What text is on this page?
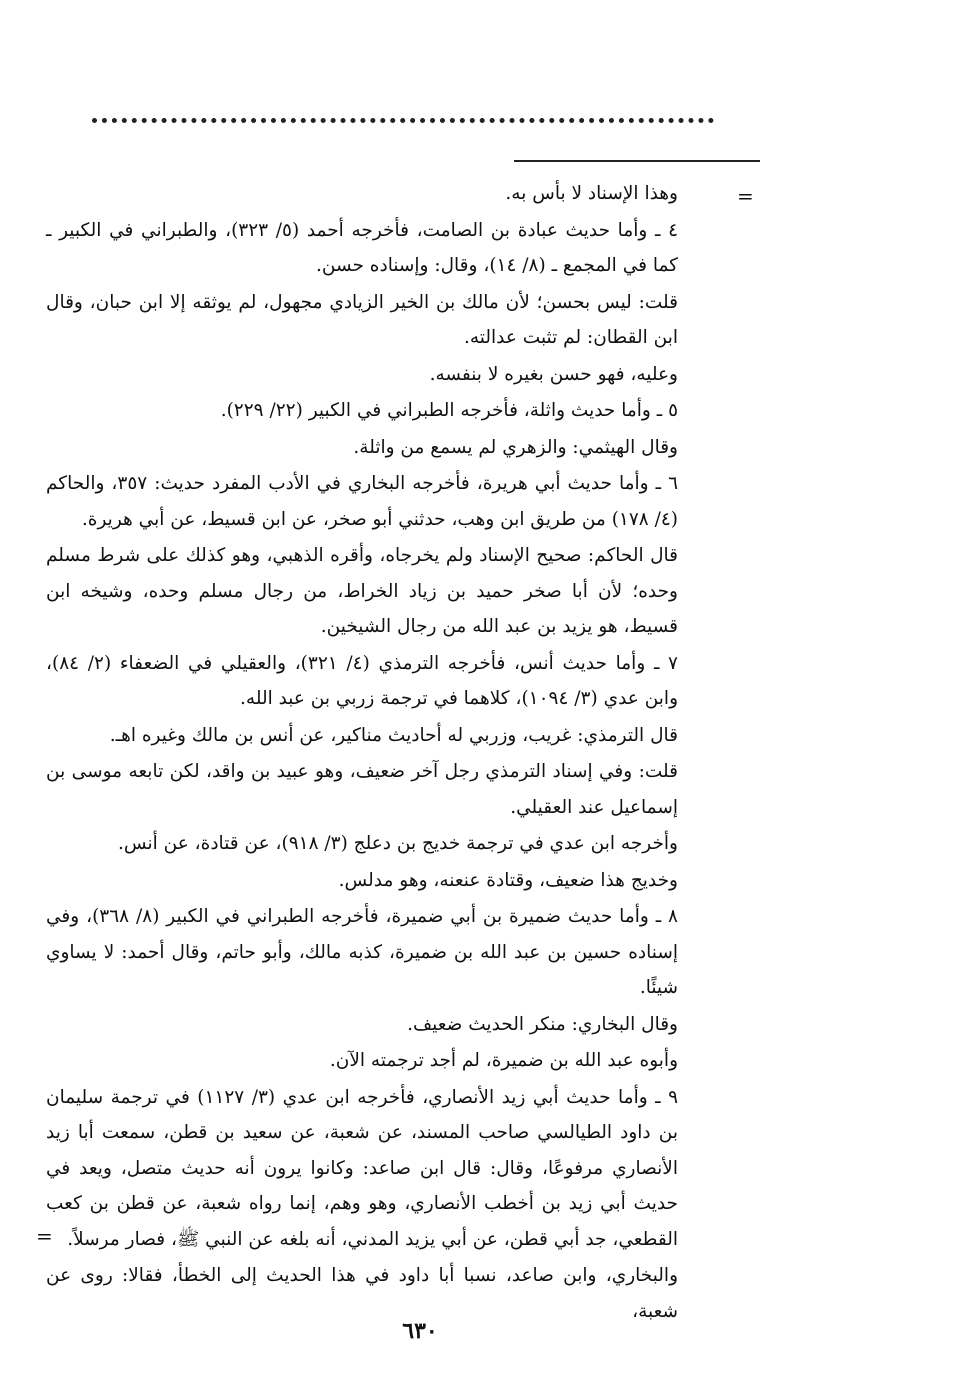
=

وهذا الإسناد لا بأس به.

٤ ـ وأما حديث عبادة بن الصامت، فأخرجه أحمد (٥/ ٣٢٣)، والطبراني في الكبير ـ كما في المجمع ـ (٨/ ١٤)، وقال: وإسناده حسن.

قلت: ليس بحسن؛ لأن مالك بن الخير الزيادي مجهول، لم يوثقه إلا ابن حبان، وقال ابن القطان: لم تثبت عدالته.

وعليه، فهو حسن بغيره لا بنفسه.

٥ ـ وأما حديث واثلة، فأخرجه الطبراني في الكبير (٢٢/ ٢٢٩).

وقال الهيثمي: والزهري لم يسمع من واثلة.

٦ ـ وأما حديث أبي هريرة، فأخرجه البخاري في الأدب المفرد حديث: ٣٥٧، والحاكم (٤/ ١٧٨) من طريق ابن وهب، حدثني أبو صخر، عن ابن قسيط، عن أبي هريرة.

قال الحاكم: صحيح الإسناد ولم يخرجاه، وأقره الذهبي، وهو كذلك على شرط مسلم وحده؛ لأن أبا صخر حميد بن زياد الخراط، من رجال مسلم وحده، وشيخه ابن قسيط، هو يزيد بن عبد الله من رجال الشيخين.

٧ ـ وأما حديث أنس، فأخرجه الترمذي (٤/ ٣٢١)، والعقيلي في الضعفاء (٢/ ٨٤)، وابن عدي (٣/ ١٠٩٤)، كلاهما في ترجمة زربي بن عبد الله.

قال الترمذي: غريب، وزربي له أحاديث مناكير، عن أنس بن مالك وغيره اهـ.

قلت: وفي إسناد الترمذي رجل آخر ضعيف، وهو عبيد بن واقد، لكن تابعه موسى بن إسماعيل عند العقيلي.

وأخرجه ابن عدي في ترجمة خديج بن دعلج (٣/ ٩١٨)، عن قتادة، عن أنس.

وخديج هذا ضعيف، وقتادة عنعنه، وهو مدلس.

٨ ـ وأما حديث ضميرة بن أبي ضميرة، فأخرجه الطبراني في الكبير (٨/ ٣٦٨)، وفي إسناده حسين بن عبد الله بن ضميرة، كذبه مالك، وأبو حاتم، وقال أحمد: لا يساوي شيئًا.

وقال البخاري: منكر الحديث ضعيف.

وأبوه عبد الله بن ضميرة، لم أجد ترجمته الآن.

٩ ـ وأما حديث أبي زيد الأنصاري، فأخرجه ابن عدي (٣/ ١١٢٧) في ترجمة سليمان بن داود الطيالسي صاحب المسند، عن شعبة، عن سعيد بن قطن، سمعت أبا زيد الأنصاري مرفوعًا، وقال: قال ابن صاعد: وكانوا يرون أنه حديث متصل، ويعد في حديث أبي زيد بن أخطب الأنصاري، وهو وهم، إنما رواه شعبة، عن قطن بن كعب القطعي، جد أبي قطن، عن أبي يزيد المدني، أنه بلغه عن النبي ﷺ، فصار مرسلاً.

والبخاري، وابن صاعد، نسبا أبا داود في هذا الحديث إلى الخطأ، فقالا: روى عن شعبة،

=
٦٣٠
